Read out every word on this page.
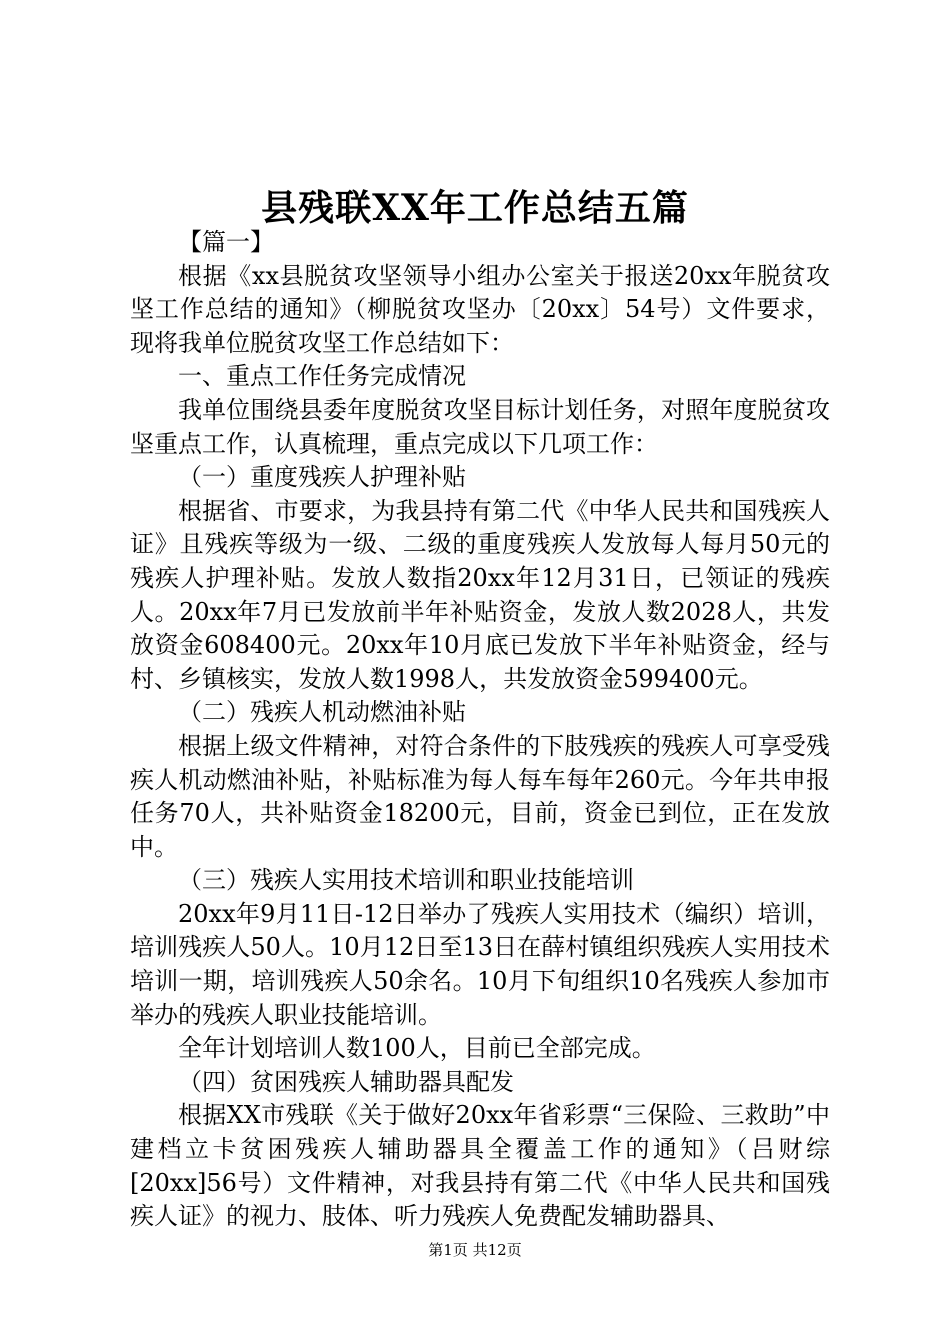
县残联XX年工作总结五篇

【篇一】

根据《xx县脱贫攻坚领导小组办公室关于报送20xx年脱贫攻坚工作总结的通知》（柳脱贫攻坚办〔20xx〕54号）文件要求，现将我单位脱贫攻坚工作总结如下：

一、重点工作任务完成情况

我单位围绕县委年度脱贫攻坚目标计划任务，对照年度脱贫攻坚重点工作，认真梳理，重点完成以下几项工作：

（一）重度残疾人护理补贴

根据省、市要求，为我县持有第二代《中华人民共和国残疾人证》且残疾等级为一级、二级的重度残疾人发放每人每月50元的残疾人护理补贴。发放人数指20xx年12月31日，已领证的残疾人。20xx年7月已发放前半年补贴资金，发放人数2028人，共发放资金608400元。20xx年10月底已发放下半年补贴资金，经与村、乡镇核实，发放人数1998人，共发放资金599400元。

（二）残疾人机动燃油补贴

根据上级文件精神，对符合条件的下肢残疾的残疾人可享受残疾人机动燃油补贴，补贴标准为每人每车每年260元。今年共申报任务70人，共补贴资金18200元，目前，资金已到位，正在发放中。

（三）残疾人实用技术培训和职业技能培训

20xx年9月11日-12日举办了残疾人实用技术（编织）培训，培训残疾人50人。10月12日至13日在薛村镇组织残疾人实用技术培训一期，培训残疾人50余名。10月下旬组织10名残疾人参加市举办的残疾人职业技能培训。

全年计划培训人数100人，目前已全部完成。

（四）贫困残疾人辅助器具配发

根据XX市残联《关于做好20xx年省彩票“三保险、三救助”中建档立卡贫困残疾人辅助器具全覆盖工作的通知》（吕财综[20xx]56号）文件精神，对我县持有第二代《中华人民共和国残疾人证》的视力、肢体、听力残疾人免费配发辅助器具、

第1页 共12页
